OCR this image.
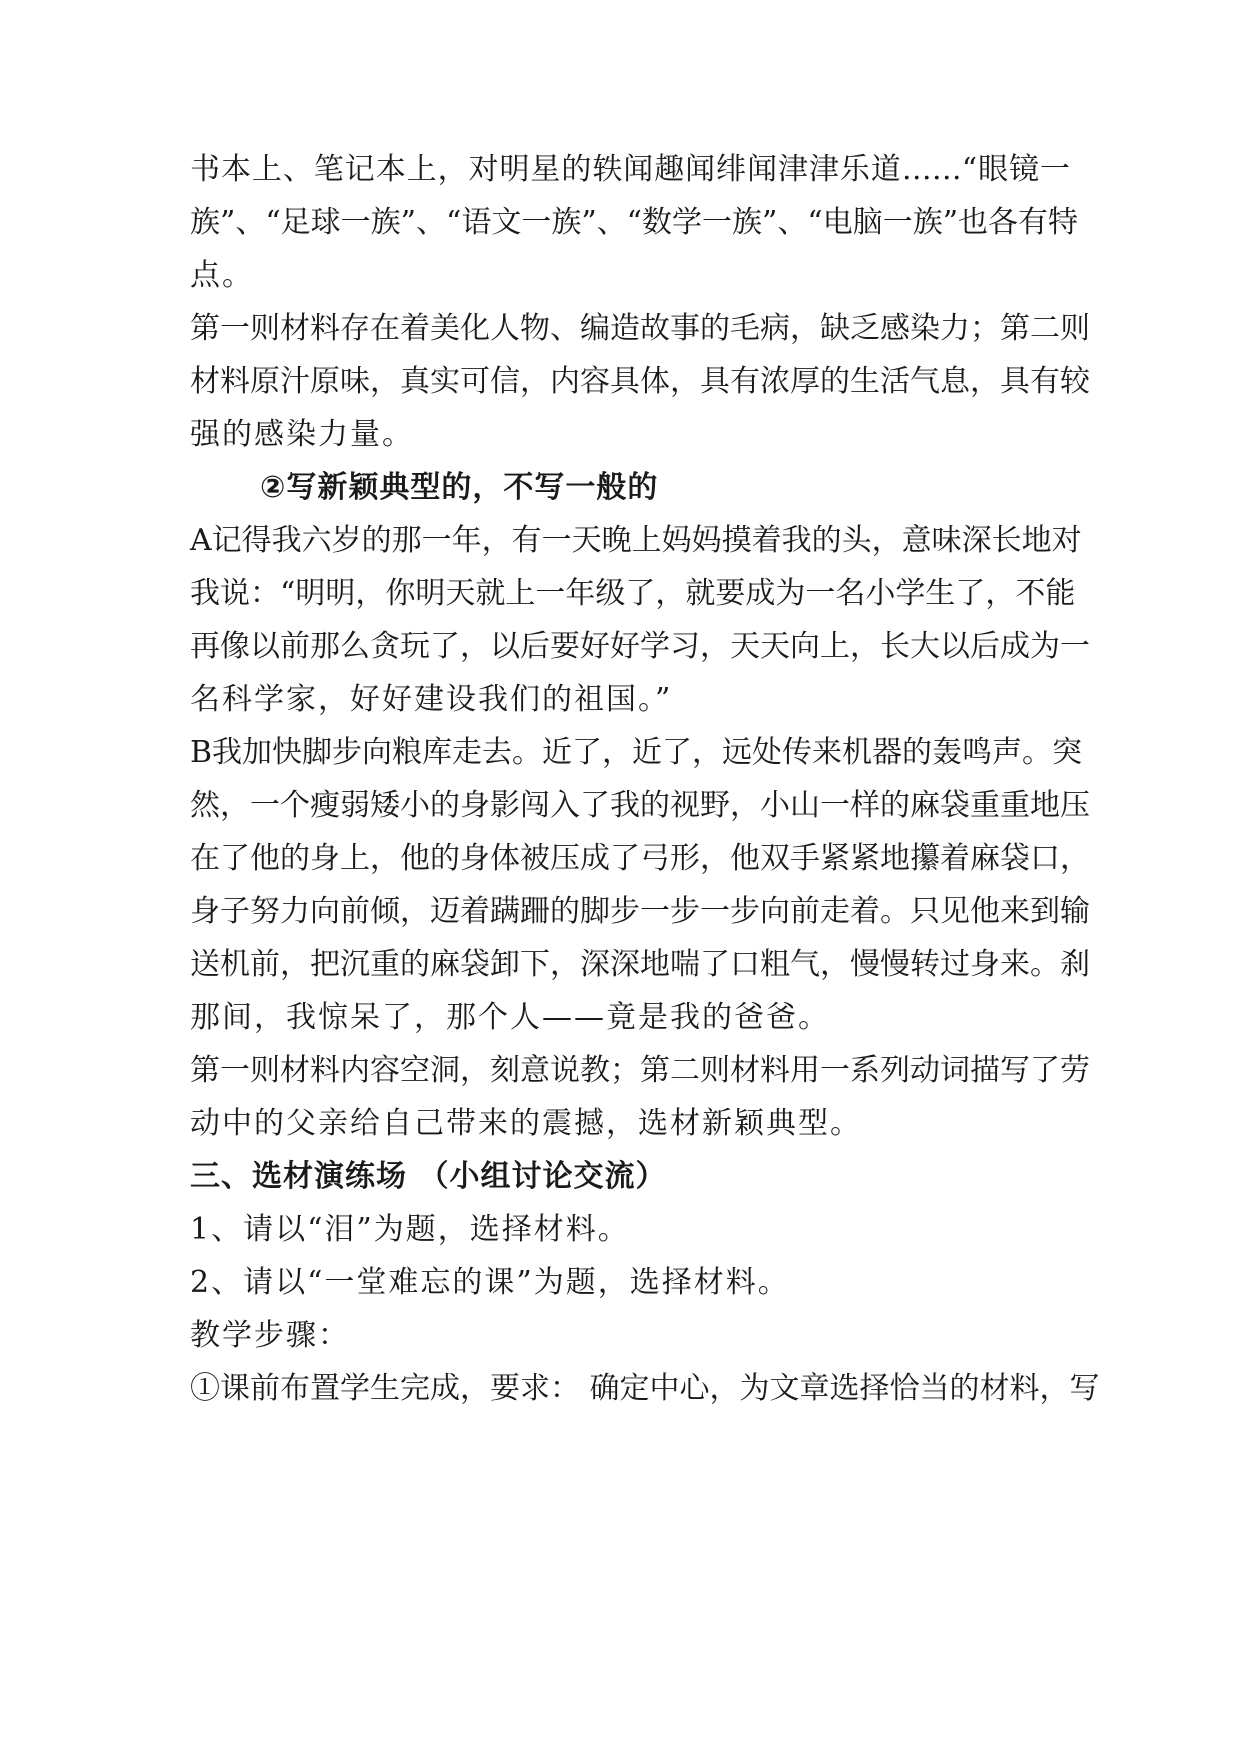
书本上、笔记本上，对明星的轶闻趣闻绯闻津津乐道……“眼镜一
族”、“足球一族”、“语文一族”、“数学一族”、“电脑一族”也各有特
点。
第一则材料存在着美化人物、编造故事的毛病，缺乏感染力；第二则
材料原汁原味，真实可信，内容具体，具有浓厚的生活气息，具有较
强的感染力量。
②写新颖典型的，不写一般的
A记得我六岁的那一年，有一天晚上妈妈摸着我的头，意味深长地对
我说：“明明，你明天就上一年级了，就要成为一名小学生了，不能
再像以前那么贪玩了，以后要好好学习，天天向上，长大以后成为一
名科学家，好好建设我们的祖国。”
B我加快脚步向粮库走去。近了，近了，远处传来机器的轰鸣声。突
然，一个瘦弱矮小的身影闯入了我的视野，小山一样的麻袋重重地压
在了他的身上，他的身体被压成了弓形，他双手紧紧地攥着麻袋口，
身子努力向前倾，迈着蹒跚的脚步一步一步向前走着。只见他来到输
送机前，把沉重的麻袋卸下，深深地喘了口粗气，慢慢转过身来。刹
那间，我惊呆了，那个人——竟是我的爸爸。
第一则材料内容空洞，刻意说教；第二则材料用一系列动词描写了劳
动中的父亲给自己带来的震撼，选材新颖典型。
三、选材演练场 （小组讨论交流）
1、请以“泪”为题，选择材料。
2、请以“一堂难忘的课”为题，选择材料。
教学步骤：
①课前布置学生完成，要求： 确定中心，为文章选择恰当的材料，写
